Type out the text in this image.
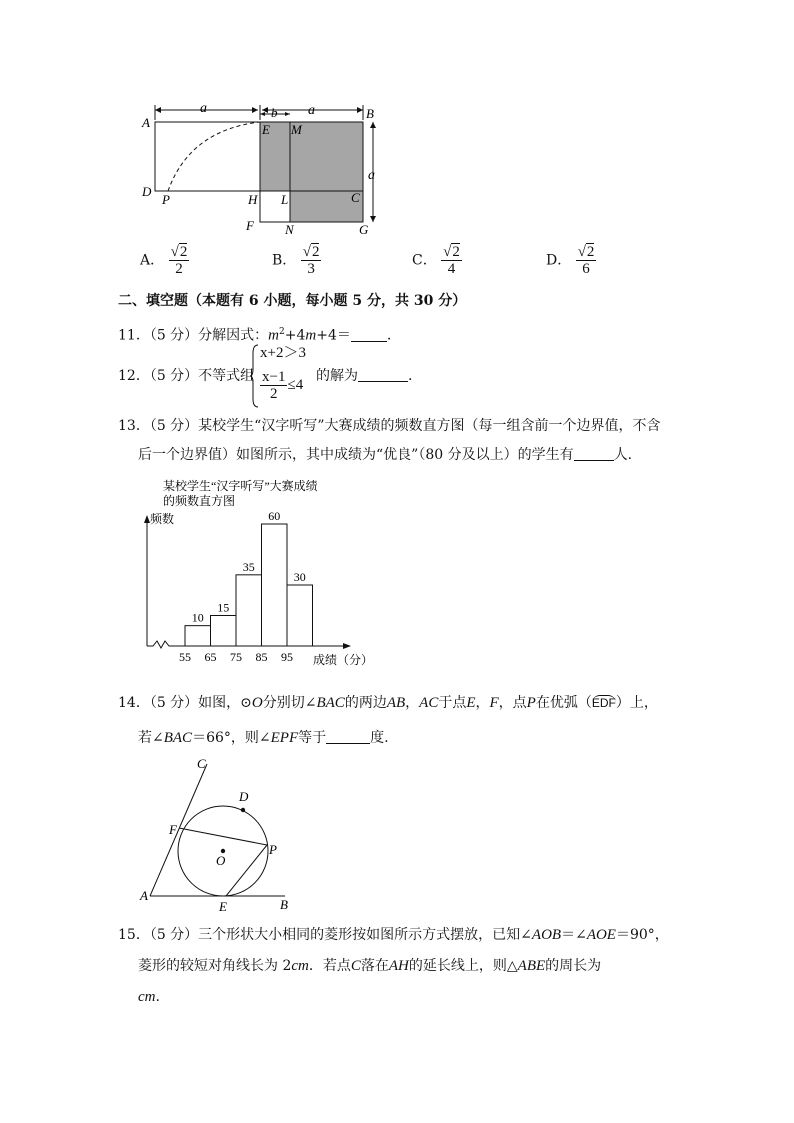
a	b a
a
A
B
D
P
E M
H L	C
F N	G
A． $\frac{√2}{2}$	B． $\frac{√2}{3}$	C． $\frac{√2}{4}$	D． $\frac{√2}{6}$
二、填空题（本题有 6 小题，每小题 5 分，共 30 分）
11．（5 分）分解因式：$m^2+4m+4=$	.
12．（5 分）不等式组
x+2＞3
$\frac{x-1}{2} \le 4$
的解为	.
13．（5 分）某校学生“汉字听写”大赛成绩的频数直方图（每一组含前一个边界值，不含
后一个边界值）如图所示，其中成绩为“优良”（80 分及以上）的学生有	人.
某校学生“汉字听写”大赛成绩
的频数直方图
频数
成绩（分）
10
15
35
60
30
55 65 75 85 95
14．（5 分）如图，⊙O分别切∠BAC的两边AB，AC于点E，F，点P在优弧（EDF）上，
若∠BAC＝66°，则∠EPF等于	度.
C
D
F
O
P
A
E	B
15．（5 分）三个形状大小相同的菱形按如图所示方式摆放，已知∠AOB＝∠AOE＝90°，
菱形的较短对角线长为 2cm．若点C落在AH的延长线上，则△ABE的周长为
cm.
